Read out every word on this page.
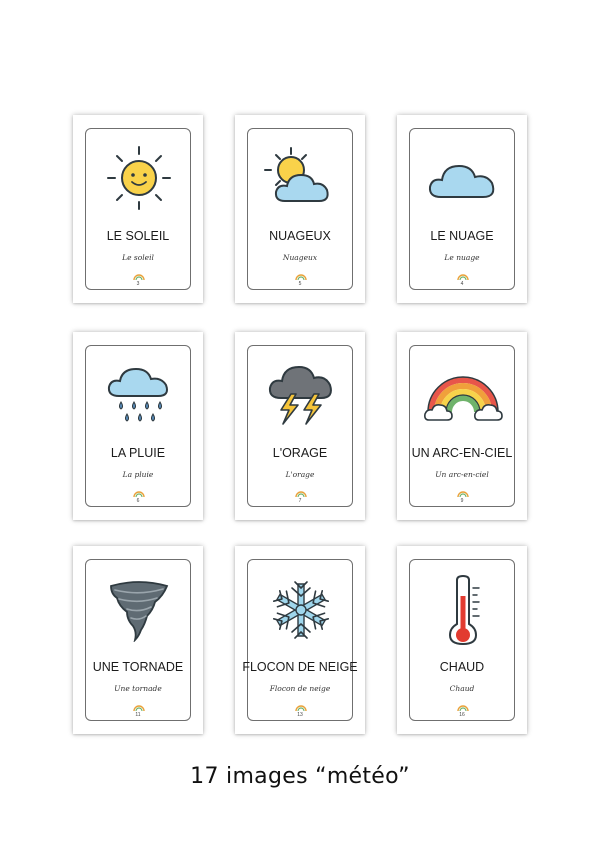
LE SOLEIL
Le soleil
3
NUAGEUX
Nuageux
5
LE NUAGE
Le nuage
4
LA PLUIE
La pluie
6
L'ORAGE
L'orage
7
UN ARC-EN-CIEL
Un arc-en-ciel
9
UNE TORNADE
Une tornade
11
FLOCON DE NEIGE
Flocon de neige
13
CHAUD
Chaud
16
17 images “météo”
